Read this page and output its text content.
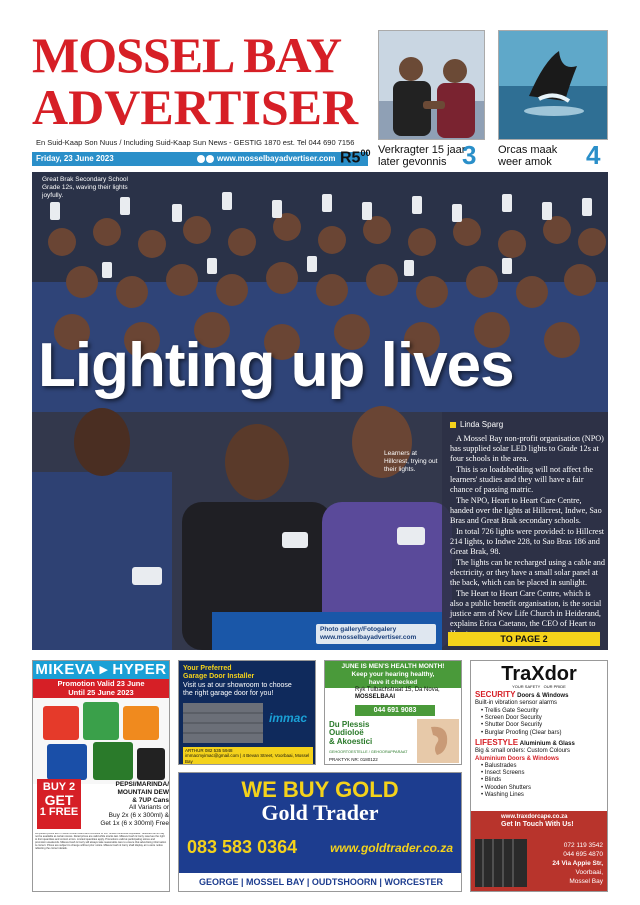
MOSSEL BAY
ADVERTISER
En Suid-Kaap Son Nuus / Including Suid-Kaap Sun News - GESTIG 1870 est. Tel 044 690 7156
Friday, 23 June 2023	www.mosselbayadvertiser.com $R5^{00}$ Verkragter 15 jaar
later gevonnis 3 Orcas maak
weer amok 4
Great Brak Secondary School Grade 12s, waving their lights joyfully.
Learners at Hillcrest, trying out their lights.
Photo gallery/Fotogalery
www.mosselbayadvertiser.com
Lighting up lives
Linda Sparg

A Mossel Bay non-profit organisation (NPO) has supplied solar LED lights to Grade 12s at four schools in the area.

This is so loadshedding will not affect the learners' studies and they will have a fair chance of passing matric.

The NPO, Heart to Heart Care Centre, handed over the lights at Hillcrest, Indwe, Sao Bras and Great Brak secondary schools.

In total 726 lights were provided: to Hillcrest 214 lights, to Indwe 228, to Sao Bras 186 and Great Brak, 98.

The lights can be recharged using a cable and electricity, or they have a small solar panel at the back, which can be placed in sunlight.

The Heart to Heart Care Centre, which is also a public benefit organisation, is the social justice arm of New Life Church in Heiderand, explains Erica Caetano, the CEO of Heart to

TO PAGE 2
MIKEVA ▸ HYPER
Promotion Valid 23 June
Until 25 June 2023
BUY 2
GET
1 FREE
PEPSI/MARINDA/
MOUNTAIN DEW
& 7UP Cans
All Variants or
Buy 2x (6 x 300ml) &
Get 1x (6 x 300ml) Free
All quoted prices are in South African Rand and inclusive of VAT unless otherwise stipulated. Selected items may not be available at certain stores. Retail prices are valid while stocks last. Mikeva Cash & Carry reserves the right to limit quantities and correct errors. Limited quantities apply. Promotions valid at participating stores and promotion weekends. Mikeva Cash & Carry will always take reasonable care to ensure that advertising information is correct. Prices are subject to change without prior notice. Mikeva Cash & Carry shall display at in-store notice reflecting the correct details.
Your Preferred
Garage Door Installer
Visit us at our showroom to choose
the right garage door for you!
immac
ARTHUR 082 535 5948
immacmyimac@gmail.com | 4 Bevan Street, Voorbaai, Mossel Bay
JUNE IS MEN'S HEALTH MONTH!
Keep your hearing healthy,
have it checked
Ryk Tulbachstraat 15, Da Nova,
MOSSELBAAI
044 691 9083
Du Plessis
Oudioloë
& Akoestici
GEHOORTOESTELLE / GEHOORAPPARAAT
PRAKTYK NR: 0180122
TraXdor
YOUR SAFETY OUR PRIDE
SECURITY Doors & Windows
Built-in vibration sensor alarms
• Trellis Gate Security
• Screen Door Security
• Shutter Door Security
• Burglar Proofing (Clear bars)
LIFESTYLE Aluminium & Glass
Big & small orders: Custom Colours
Aluminium Doors & Windows
• Balustrades
• Insect Screens
• Blinds
• Wooden Shutters
• Washing Lines
www.traxdorcape.co.za
Get In Touch With Us!
072 119 3542
044 695 4870
24 Via Appie Str,
Voorbaai,
Mossel Bay
WE BUY GOLD
Gold Trader
083 583 0364	www.goldtrader.co.za
GEORGE | MOSSEL BAY | OUDTSHOORN | WORCESTER
